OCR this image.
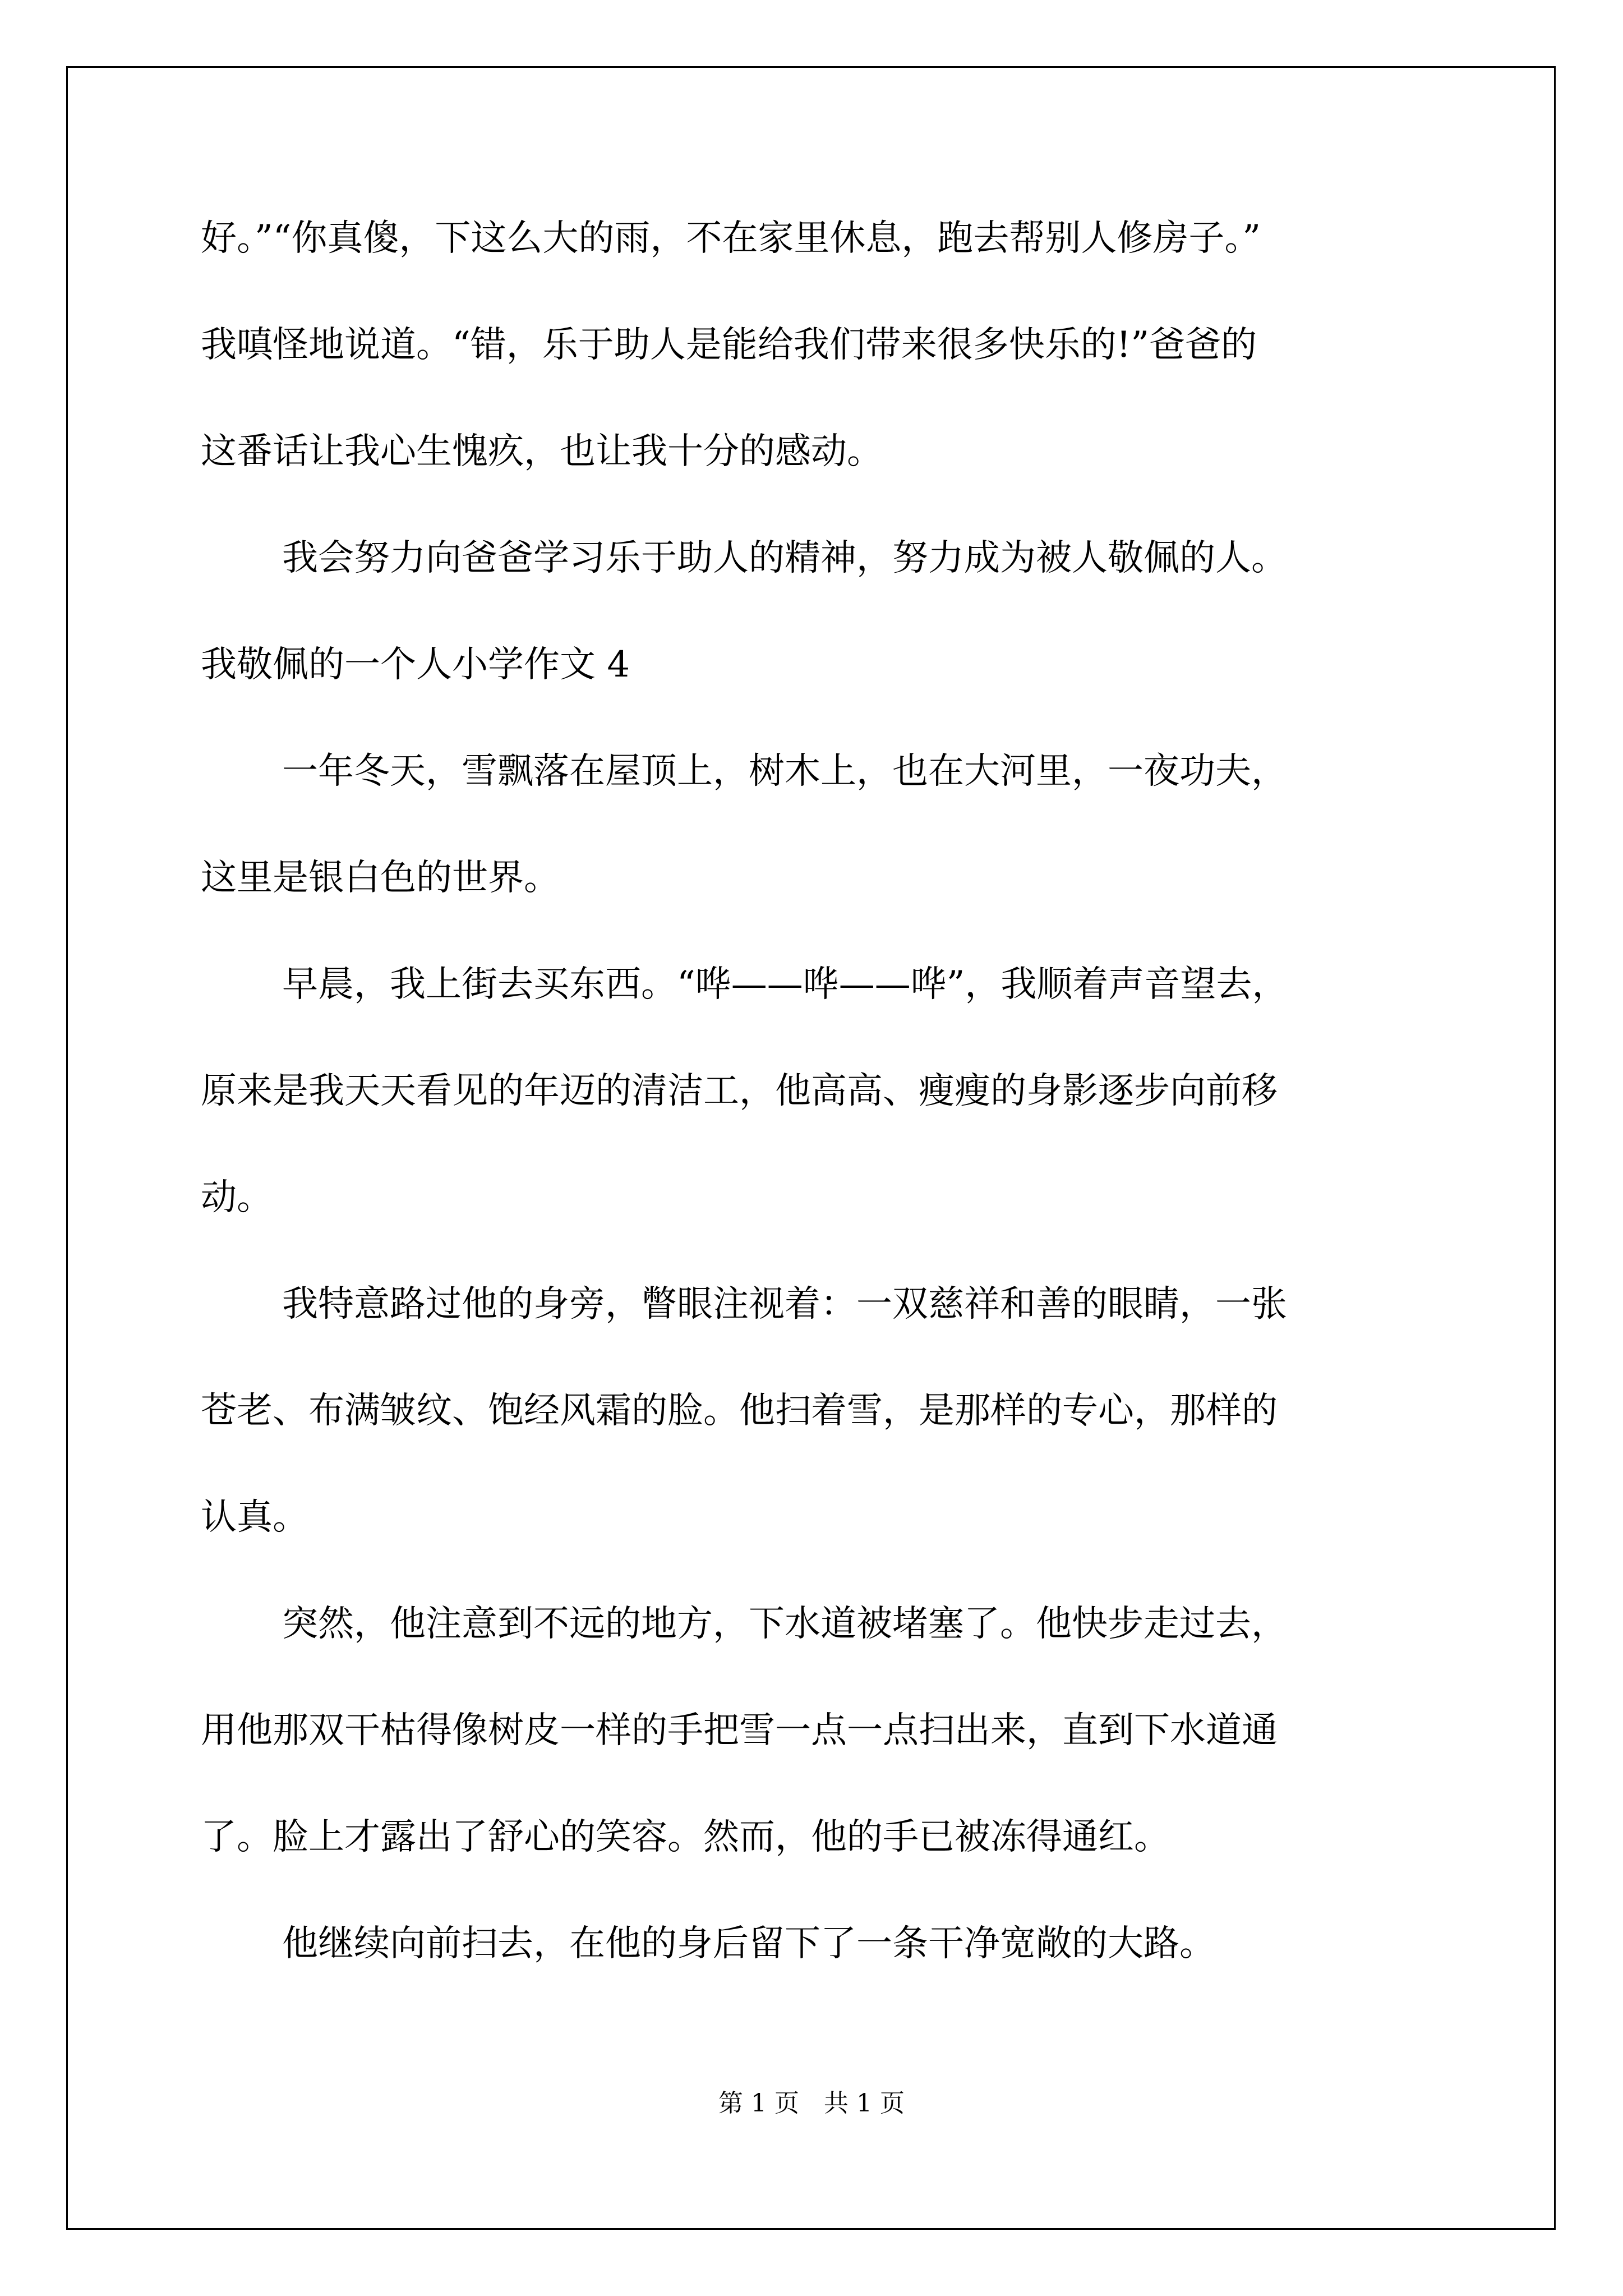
好。”“你真傻，下这么大的雨，不在家里休息，跑去帮别人修房子。”
我嗔怪地说道。“错，乐于助人是能给我们带来很多快乐的!”爸爸的
这番话让我心生愧疚，也让我十分的感动。
我会努力向爸爸学习乐于助人的精神，努力成为被人敬佩的人。
我敬佩的一个人小学作文 4
一年冬天，雪飘落在屋顶上，树木上，也在大河里，一夜功夫，
这里是银白色的世界。
早晨，我上街去买东西。“哗——哗——哗”，我顺着声音望去，
原来是我天天看见的年迈的清洁工，他高高、瘦瘦的身影逐步向前移
动。
我特意路过他的身旁，瞥眼注视着：一双慈祥和善的眼睛，一张
苍老、布满皱纹、饱经风霜的脸。他扫着雪，是那样的专心，那样的
认真。
突然，他注意到不远的地方，下水道被堵塞了。他快步走过去，
用他那双干枯得像树皮一样的手把雪一点一点扫出来，直到下水道通
了。脸上才露出了舒心的笑容。然而，他的手已被冻得通红。
他继续向前扫去，在他的身后留下了一条干净宽敞的大路。
第 1 页　共 1 页
